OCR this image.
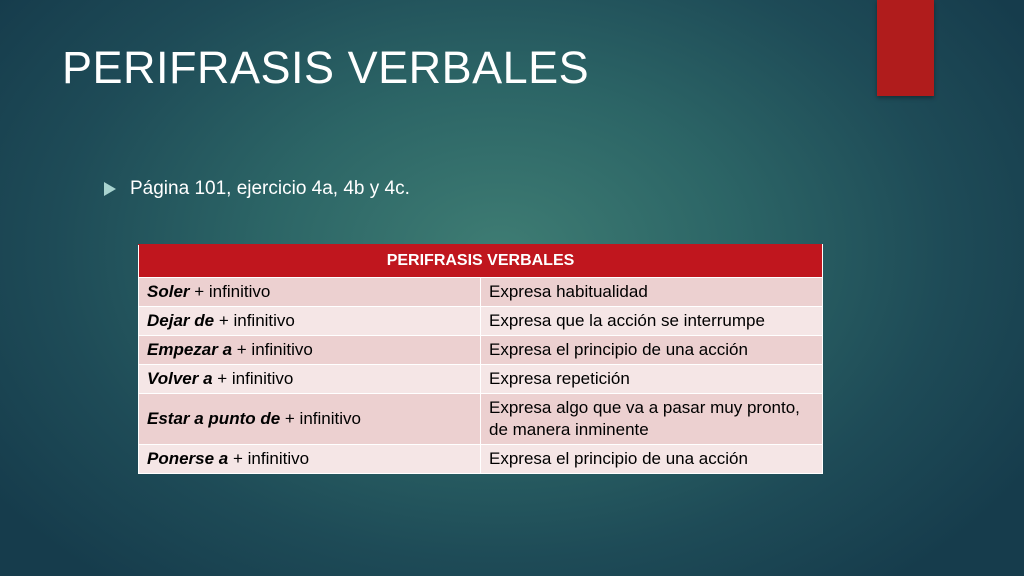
PERIFRASIS VERBALES
Página 101, ejercicio 4a, 4b y 4c.
PERIFRASIS VERBALES	
Soler + infinitivo	Expresa habitualidad
Dejar de + infinitivo	Expresa que la acción se interrumpe
Empezar a + infinitivo	Expresa el principio de una acción
Volver a + infinitivo	Expresa repetición
Estar a punto de + infinitivo	Expresa algo que va a pasar muy pronto, de manera inminente
Ponerse a + infinitivo	Expresa el principio de una acción
